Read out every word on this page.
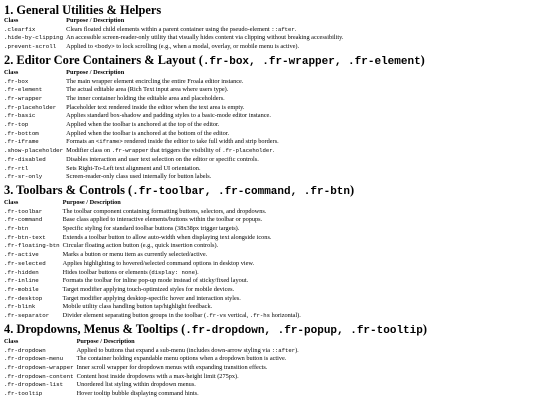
1. General Utilities & Helpers
Class	Purpose / Description
.clearfix	Clears floated child elements within a parent container using the pseudo-element ::after.
.hide-by-clipping	An accessible screen-reader-only utility that visually hides content via clipping without breaking accessibility.
.prevent-scroll	Applied to <body> to lock scrolling (e.g., when a modal, overlay, or mobile menu is active).
2. Editor Core Containers & Layout (.fr-box, .fr-wrapper, .fr-element)
Class	Purpose / Description
.fr-box	The main wrapper element encircling the entire Froala editor instance.
.fr-element	The actual editable area (Rich Text input area where users type).
.fr-wrapper	The inner container holding the editable area and placeholders.
.fr-placeholder	Placeholder text rendered inside the editor when the text area is empty.
.fr-basic	Applies standard box-shadow and padding styles to a basic-mode editor instance.
.fr-top	Applied when the toolbar is anchored at the top of the editor.
.fr-bottom	Applied when the toolbar is anchored at the bottom of the editor.
.fr-iframe	Formats an <iframe> rendered inside the editor to take full width and strip borders.
.show-placeholder	Modifier class on .fr-wrapper that triggers the visibility of .fr-placeholder.
.fr-disabled	Disables interaction and user text selection on the editor or specific controls.
.fr-rtl	Sets Right-To-Left text alignment and UI orientation.
.fr-sr-only	Screen-reader-only class used internally for button labels.
3. Toolbars & Controls (.fr-toolbar, .fr-command, .fr-btn)
Class	Purpose / Description
.fr-toolbar	The toolbar component containing formatting buttons, selectors, and dropdowns.
.fr-command	Base class applied to interactive elements/buttons within the toolbar or popups.
.fr-btn	Specific styling for standard toolbar buttons (38x38px trigger targets).
.fr-btn-text	Extends a toolbar button to allow auto-width when displaying text alongside icons.
.fr-floating-btn	Circular floating action button (e.g., quick insertion controls).
.fr-active	Marks a button or menu item as currently selected/active.
.fr-selected	Applies highlighting to hovered/selected command options in desktop view.
.fr-hidden	Hides toolbar buttons or elements (display: none).
.fr-inline	Formats the toolbar for inline pop-up mode instead of sticky/fixed layout.
.fr-mobile	Target modifier applying touch-optimized styles for mobile devices.
.fr-desktop	Target modifier applying desktop-specific hover and interaction styles.
.fr-blink	Mobile utility class handling button tap/highlight feedback.
.fr-separator	Divider element separating button groups in the toolbar (.fr-vs vertical, .fr-hs horizontal).
4. Dropdowns, Menus & Tooltips (.fr-dropdown, .fr-popup, .fr-tooltip)
Class	Purpose / Description
.fr-dropdown	Applied to buttons that expand a sub-menu (includes down-arrow styling via ::after).
.fr-dropdown-menu	The container holding expandable menu options when a dropdown button is active.
.fr-dropdown-wrapper	Inner scroll wrapper for dropdown menus with expanding transition effects.
.fr-dropdown-content	Content host inside dropdowns with a max-height limit (275px).
.fr-dropdown-list	Unordered list styling within dropdown menus.
.fr-tooltip	Hover tooltip bubble displaying command hints.
